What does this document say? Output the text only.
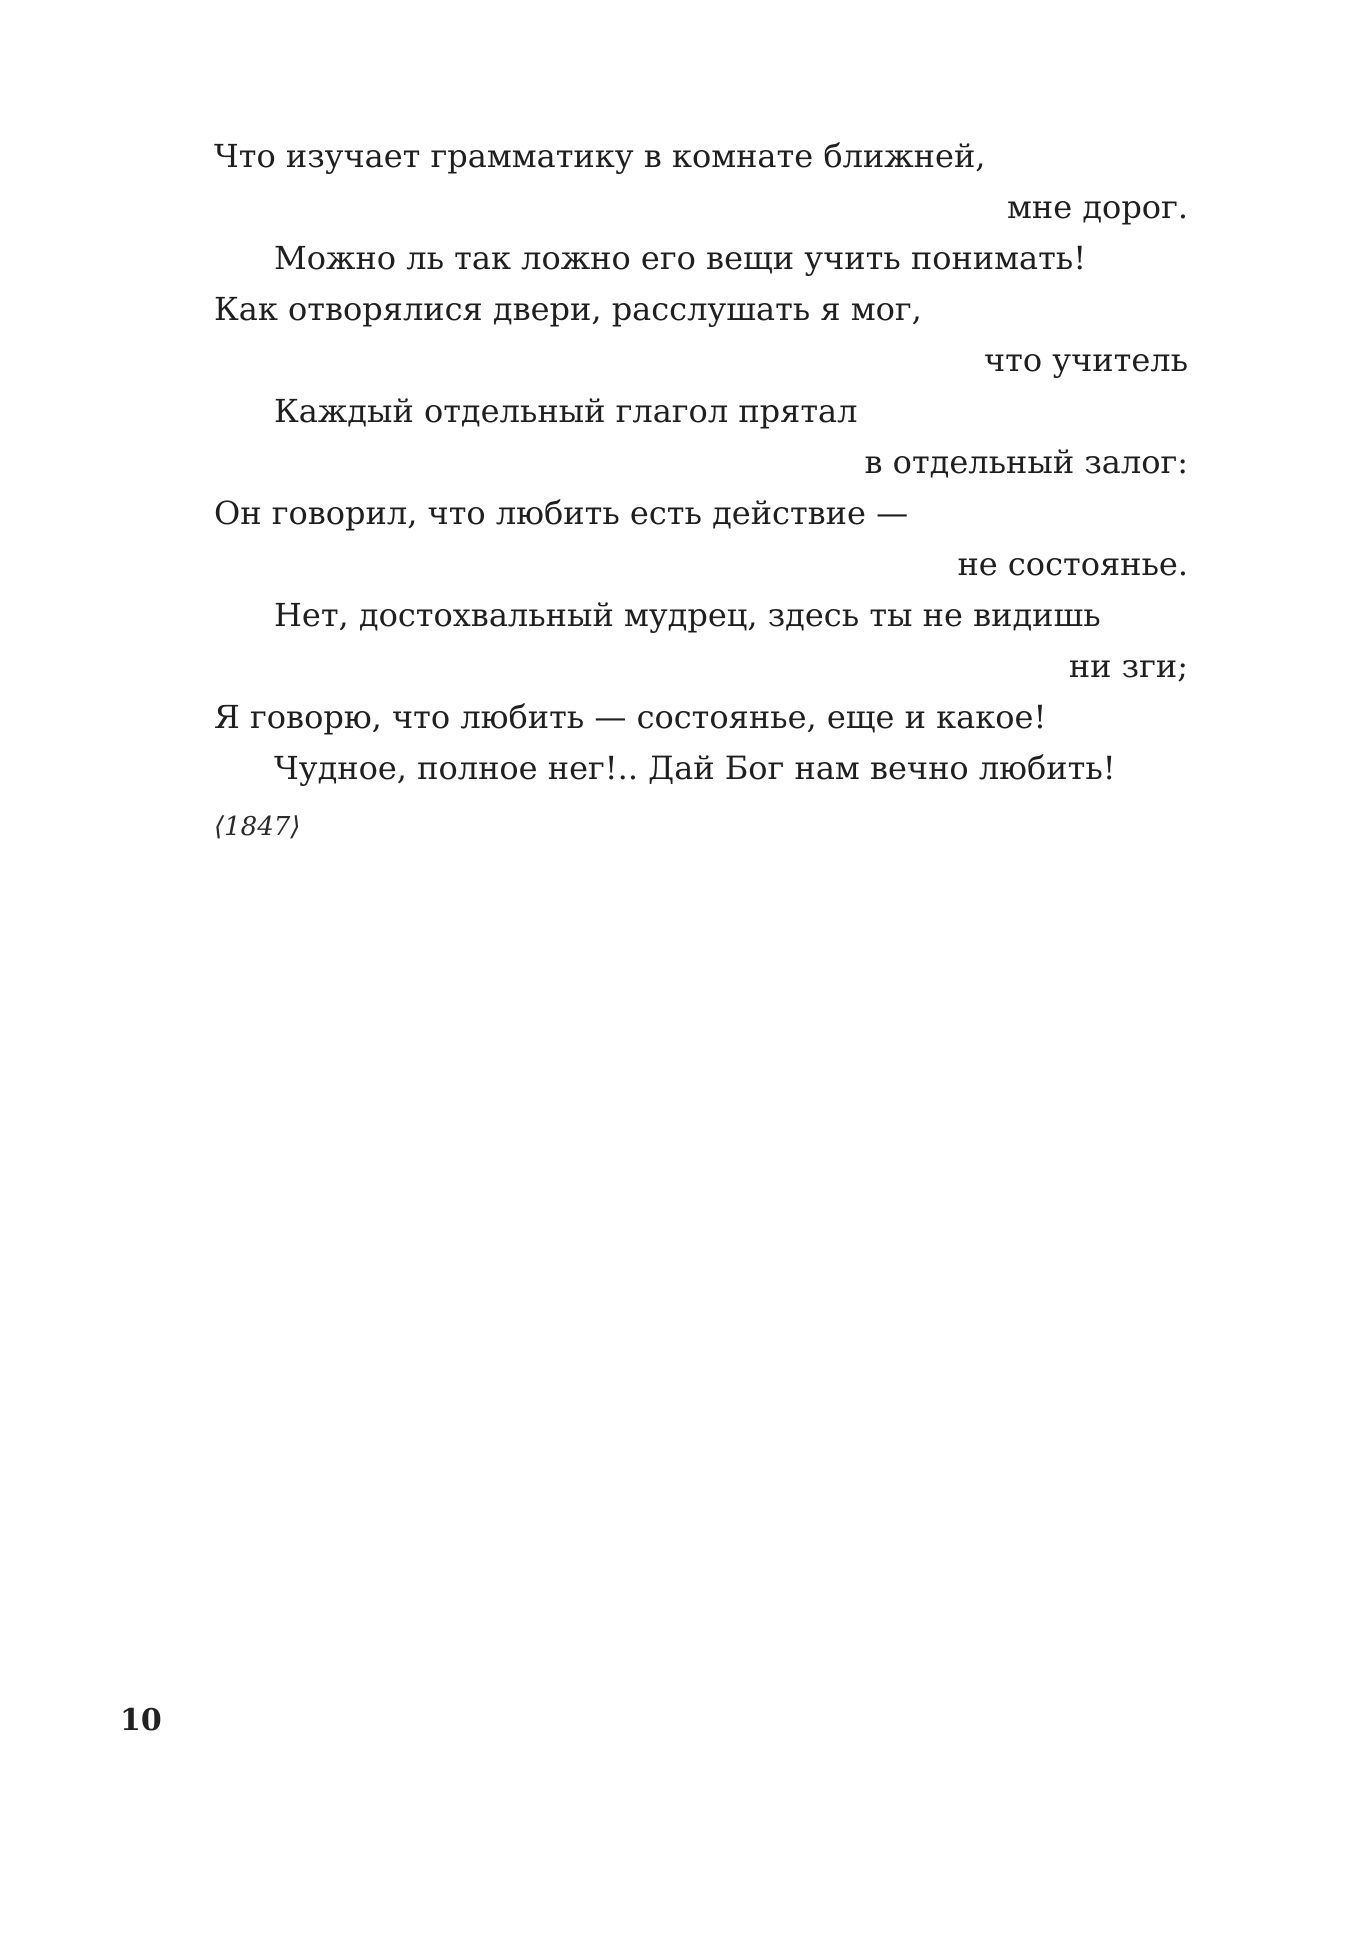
Что изучает грамматику в комнате ближней,
мне дорог.
Можно ль так ложно его вещи учить понимать!
Как отворялися двери, расслушать я мог,
что учитель
Каждый отдельный глагол прятал
в отдельный залог:
Он говорил, что любить есть действие —
не состоянье.
Нет, достохвальный мудрец, здесь ты не видишь
ни зги;
Я говорю, что любить — состоянье, еще и какое!
Чудное, полное нег!.. Дай Бог нам вечно любить!
⟨1847⟩
10
